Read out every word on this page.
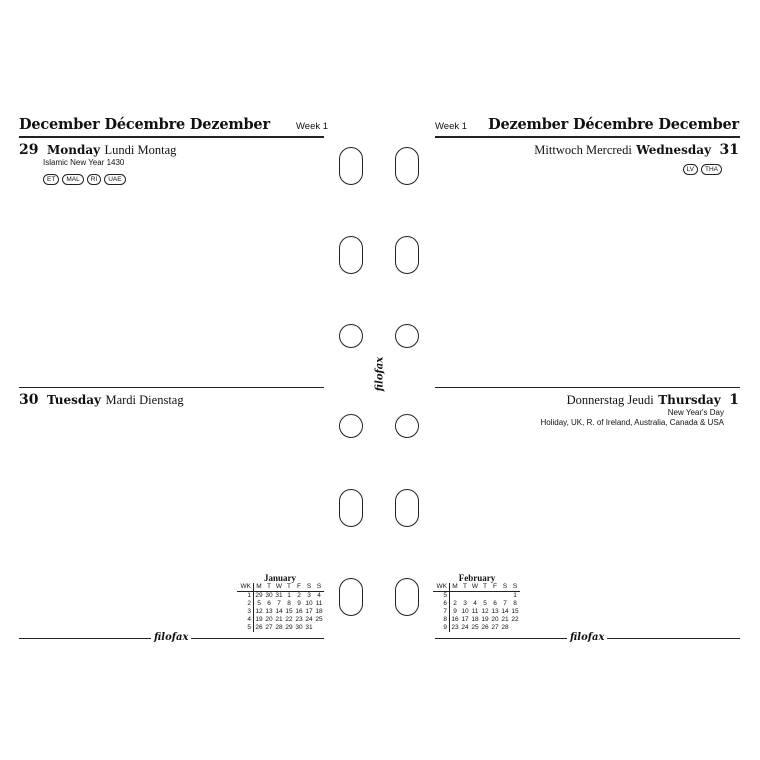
December Décembre Dezember	Week 1
29 Monday Lundi Montag
Islamic New Year 1430
ET MAL RI UAE
30 Tuesday Mardi Dienstag
January
WK	M	T	W	T	F	S	S
1	29	30	31	1	2	3	4
2	5	6	7	8	9	10	11
3	12	13	14	15	16	17	18
4	19	20	21	22	23	24	25
5	26	27	28	29	30	31	
filofax
filofax
Week 1 Dezember Décembre December
Mittwoch Mercredi Wednesday 31
LV THA
Donnerstag Jeudi Thursday 1
New Year's Day
Holiday, UK, R. of Ireland, Australia, Canada & USA
February
WK	M	T	W	T	F	S	S
5							1
6	2	3	4	5	6	7	8
7	9	10	11	12	13	14	15
8	16	17	18	19	20	21	22
9	23	24	25	26	27	28	
filofax
